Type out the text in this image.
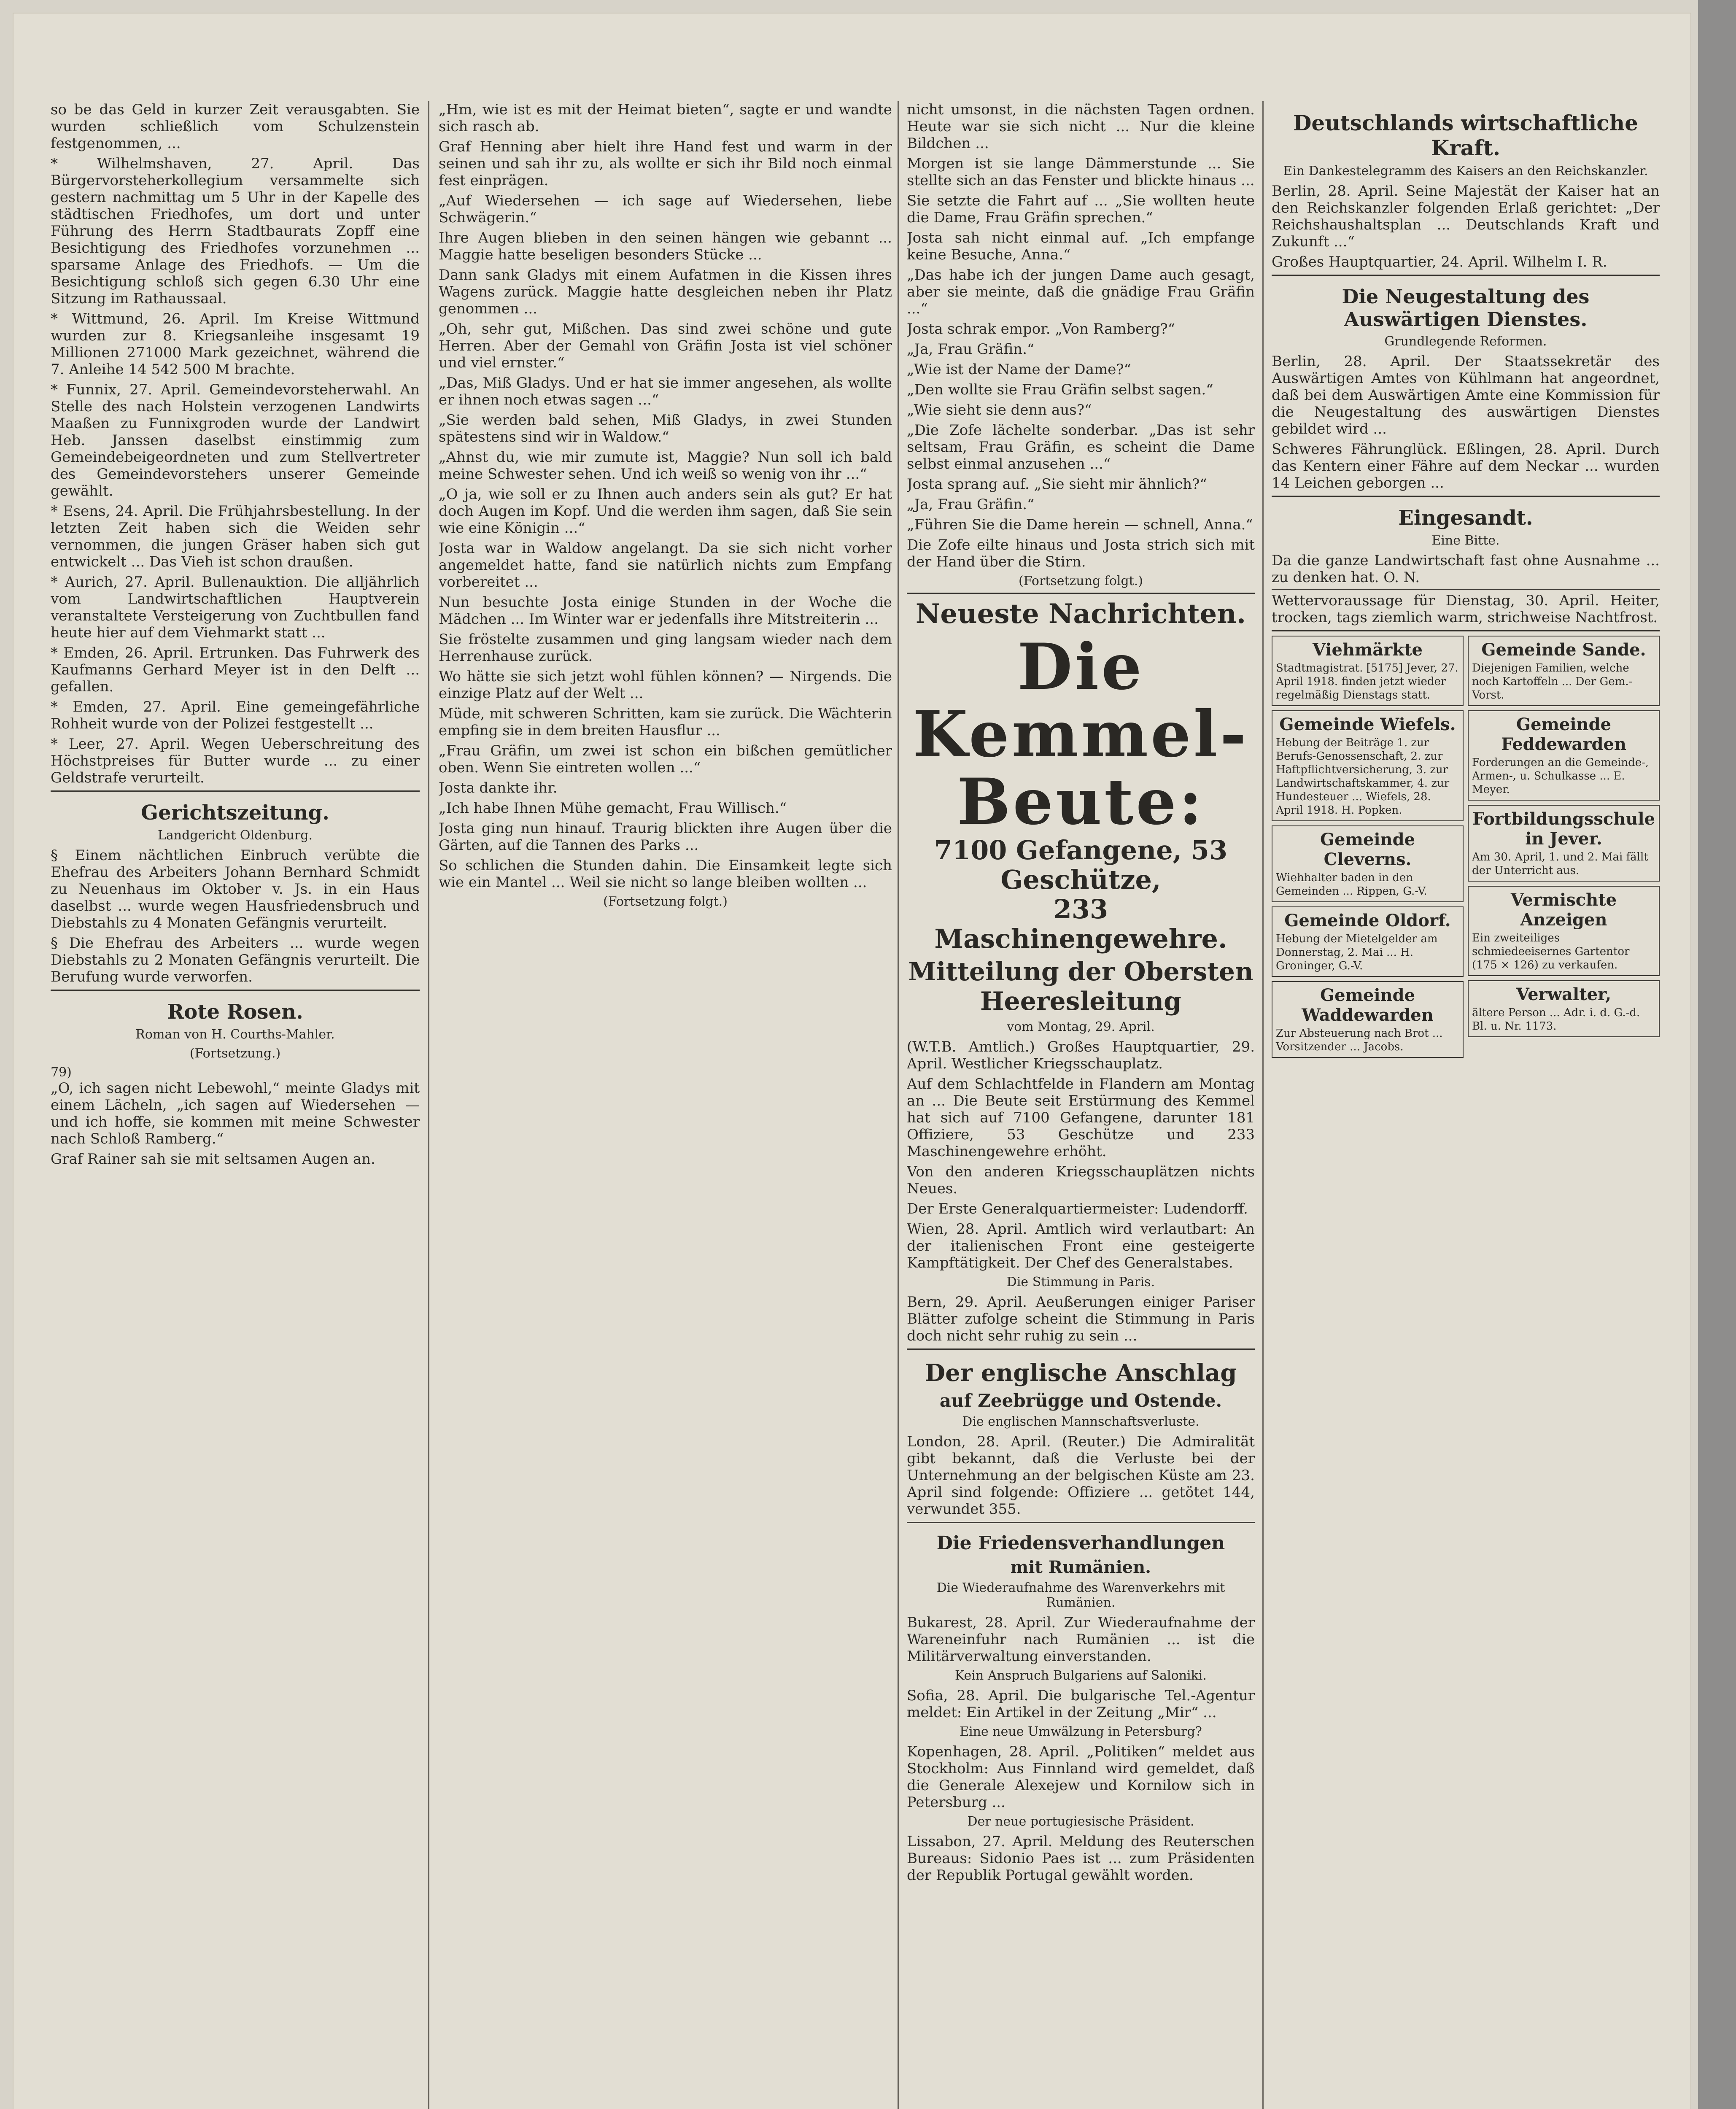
so be das Geld in kurzer Zeit verausgabten. Sie wurden schließlich vom Schulzenstein festgenommen, ...

* Wilhelmshaven, 27. April. Das Bürgervorsteherkollegium versammelte sich gestern nachmittag um 5 Uhr in der Kapelle des städtischen Friedhofes, um dort und unter Führung des Herrn Stadtbaurats Zopff eine Besichtigung des Friedhofes vorzunehmen ... sparsame Anlage des Friedhofs. — Um die Besichtigung schloß sich gegen 6.30 Uhr eine Sitzung im Rathaussaal.

* Wittmund, 26. April. Im Kreise Wittmund wurden zur 8. Kriegsanleihe insgesamt 19 Millionen 271000 Mark gezeichnet, während die 7. Anleihe 14 542 500 M brachte.

* Funnix, 27. April. Gemeindevorsteherwahl. An Stelle des nach Holstein verzogenen Landwirts Maaßen zu Funnixgroden wurde der Landwirt Heb. Janssen daselbst einstimmig zum Gemeindebeigeordneten und zum Stellvertreter des Gemeindevorstehers unserer Gemeinde gewählt.

* Esens, 24. April. Die Frühjahrsbestellung. In der letzten Zeit haben sich die Weiden sehr vernommen, die jungen Gräser haben sich gut entwickelt ... Das Vieh ist schon draußen.

* Aurich, 27. April. Bullenauktion. Die alljährlich vom Landwirtschaftlichen Hauptverein veranstaltete Versteigerung von Zuchtbullen fand heute hier auf dem Viehmarkt statt ...

* Emden, 26. April. Ertrunken. Das Fuhrwerk des Kaufmanns Gerhard Meyer ist in den Delft ... gefallen.

* Emden, 27. April. Eine gemeingefährliche Rohheit wurde von der Polizei festgestellt ...

* Leer, 27. April. Wegen Ueberschreitung des Höchstpreises für Butter wurde ... zu einer Geldstrafe verurteilt.

Gerichtszeitung.
Landgericht Oldenburg.

§ Einem nächtlichen Einbruch verübte die Ehefrau des Arbeiters Johann Bernhard Schmidt zu Neuenhaus im Oktober v. Js. in ein Haus daselbst ... wurde wegen Hausfriedensbruch und Diebstahls zu 4 Monaten Gefängnis verurteilt.

§ Die Ehefrau des Arbeiters ... wurde wegen Diebstahls zu 2 Monaten Gefängnis verurteilt. Die Berufung wurde verworfen.

Rote Rosen.
Roman von H. Courths-Mahler.
(Fortsetzung.)
79)

„O, ich sagen nicht Lebewohl,“ meinte Gladys mit einem Lächeln, „ich sagen auf Wiedersehen — und ich hoffe, sie kommen mit meine Schwester nach Schloß Ramberg.“

Graf Rainer sah sie mit seltsamen Augen an.

„Hm, wie ist es mit der Heimat bieten“, sagte er und wandte sich rasch ab.

Graf Henning aber hielt ihre Hand fest und warm in der seinen und sah ihr zu, als wollte er sich ihr Bild noch einmal fest einprägen.

„Auf Wiedersehen — ich sage auf Wiedersehen, liebe Schwägerin.“

Ihre Augen blieben in den seinen hängen wie gebannt ... Maggie hatte beseligen besonders Stücke ...

Dann sank Gladys mit einem Aufatmen in die Kissen ihres Wagens zurück. Maggie hatte desgleichen neben ihr Platz genommen ...

„Oh, sehr gut, Mißchen. Das sind zwei schöne und gute Herren. Aber der Gemahl von Gräfin Josta ist viel schöner und viel ernster.“

„Das, Miß Gladys. Und er hat sie immer angesehen, als wollte er ihnen noch etwas sagen ...“

„Sie werden bald sehen, Miß Gladys, in zwei Stunden spätestens sind wir in Waldow.“

„Ahnst du, wie mir zumute ist, Maggie? Nun soll ich bald meine Schwester sehen. Und ich weiß so wenig von ihr ...“

„O ja, wie soll er zu Ihnen auch anders sein als gut? Er hat doch Augen im Kopf. Und die werden ihm sagen, daß Sie sein wie eine Königin ...“

Josta war in Waldow angelangt. Da sie sich nicht vorher angemeldet hatte, fand sie natürlich nichts zum Empfang vorbereitet ...

Nun besuchte Josta einige Stunden in der Woche die Mädchen ... Im Winter war er jedenfalls ihre Mitstreiterin ...

Sie fröstelte zusammen und ging langsam wieder nach dem Herrenhause zurück.

Wo hätte sie sich jetzt wohl fühlen können? — Nirgends. Die einzige Platz auf der Welt ...

Müde, mit schweren Schritten, kam sie zurück. Die Wächterin empfing sie in dem breiten Hausflur ...

„Frau Gräfin, um zwei ist schon ein bißchen gemütlicher oben. Wenn Sie eintreten wollen ...“

Josta dankte ihr.

„Ich habe Ihnen Mühe gemacht, Frau Willisch.“

Josta ging nun hinauf. Traurig blickten ihre Augen über die Gärten, auf die Tannen des Parks ...

So schlichen die Stunden dahin. Die Einsamkeit legte sich wie ein Mantel ... Weil sie nicht so lange bleiben wollten ...

(Fortsetzung folgt.)

nicht umsonst, in die nächsten Tagen ordnen. Heute war sie sich nicht ... Nur die kleine Bildchen ...

Morgen ist sie lange Dämmerstunde ... Sie stellte sich an das Fenster und blickte hinaus ...

Sie setzte die Fahrt auf ... „Sie wollten heute die Dame, Frau Gräfin sprechen.“

Josta sah nicht einmal auf. „Ich empfange keine Besuche, Anna.“

„Das habe ich der jungen Dame auch gesagt, aber sie meinte, daß die gnädige Frau Gräfin ...“

Josta schrak empor. „Von Ramberg?“

„Ja, Frau Gräfin.“

„Wie ist der Name der Dame?“

„Den wollte sie Frau Gräfin selbst sagen.“

„Wie sieht sie denn aus?“

„Die Zofe lächelte sonderbar. „Das ist sehr seltsam, Frau Gräfin, es scheint die Dame selbst einmal anzusehen ...“

Josta sprang auf. „Sie sieht mir ähnlich?“

„Ja, Frau Gräfin.“

„Führen Sie die Dame herein — schnell, Anna.“

Die Zofe eilte hinaus und Josta strich sich mit der Hand über die Stirn.

(Fortsetzung folgt.)
Neueste Nachrichten.
Die Kemmel-Beute:
7100 Gefangene, 53 Geschütze,
233 Maschinengewehre.
Mitteilung der Obersten Heeresleitung
vom Montag, 29. April.

(W.T.B. Amtlich.) Großes Hauptquartier, 29. April. Westlicher Kriegsschauplatz.

Auf dem Schlachtfelde in Flandern am Montag an ... Die Beute seit Erstürmung des Kemmel hat sich auf 7100 Gefangene, darunter 181 Offiziere, 53 Geschütze und 233 Maschinengewehre erhöht.

Von den anderen Kriegsschauplätzen nichts Neues.

Der Erste Generalquartiermeister: Ludendorff.

Wien, 28. April. Amtlich wird verlautbart: An der italienischen Front eine gesteigerte Kampftätigkeit. Der Chef des Generalstabes.

Die Stimmung in Paris.

Bern, 29. April. Aeußerungen einiger Pariser Blätter zufolge scheint die Stimmung in Paris doch nicht sehr ruhig zu sein ...

Der englische Anschlag
auf Zeebrügge und Ostende.
Die englischen Mannschaftsverluste.

London, 28. April. (Reuter.) Die Admiralität gibt bekannt, daß die Verluste bei der Unternehmung an der belgischen Küste am 23. April sind folgende: Offiziere ... getötet 144, verwundet 355.

Die Friedensverhandlungen
mit Rumänien.
Die Wiederaufnahme des Warenverkehrs mit Rumänien.

Bukarest, 28. April. Zur Wiederaufnahme der Wareneinfuhr nach Rumänien ... ist die Militärverwaltung einverstanden.

Kein Anspruch Bulgariens auf Saloniki.

Sofia, 28. April. Die bulgarische Tel.-Agentur meldet: Ein Artikel in der Zeitung „Mir“ ...

Eine neue Umwälzung in Petersburg?

Kopenhagen, 28. April. „Politiken“ meldet aus Stockholm: Aus Finnland wird gemeldet, daß die Generale Alexejew und Kornilow sich in Petersburg ...

Der neue portugiesische Präsident.

Lissabon, 27. April. Meldung des Reuterschen Bureaus: Sidonio Paes ist ... zum Präsidenten der Republik Portugal gewählt worden.

Deutschlands wirtschaftliche Kraft.
Ein Dankestelegramm des Kaisers an den Reichskanzler.

Berlin, 28. April. Seine Majestät der Kaiser hat an den Reichskanzler folgenden Erlaß gerichtet: „Der Reichshaushaltsplan ... Deutschlands Kraft und Zukunft ...“

Großes Hauptquartier, 24. April. Wilhelm I. R.

Die Neugestaltung des Auswärtigen Dienstes.
Grundlegende Reformen.

Berlin, 28. April. Der Staatssekretär des Auswärtigen Amtes von Kühlmann hat angeordnet, daß bei dem Auswärtigen Amte eine Kommission für die Neugestaltung des auswärtigen Dienstes gebildet wird ...

Schweres Fährunglück. Eßlingen, 28. April. Durch das Kentern einer Fähre auf dem Neckar ... wurden 14 Leichen geborgen ...

Eingesandt.
Eine Bitte.

Da die ganze Landwirtschaft fast ohne Ausnahme ... zu denken hat. O. N.

Wettervoraussage für Dienstag, 30. April. Heiter, trocken, tags ziemlich warm, strichweise Nachtfrost.

Viehmärkte
Stadtmagistrat. [5175] Jever, 27. April 1918. finden jetzt wieder regelmäßig Dienstags statt.
Gemeinde Wiefels.
Hebung der Beiträge 1. zur Berufs-Genossenschaft, 2. zur Haftpflichtversicherung, 3. zur Landwirtschaftskammer, 4. zur Hundesteuer ... Wiefels, 28. April 1918. H. Popken.
Gemeinde Cleverns.
Wiehhalter baden in den Gemeinden ... Rippen, G.-V.
Gemeinde Oldorf.
Hebung der Mietelgelder am Donnerstag, 2. Mai ... H. Groninger, G.-V.
Gemeinde Waddewarden
Zur Absteuerung nach Brot ... Vorsitzender ... Jacobs.
Gemeinde Sande.
Diejenigen Familien, welche noch Kartoffeln ... Der Gem.-Vorst.
Gemeinde Feddewarden
Forderungen an die Gemeinde-, Armen-, u. Schulkasse ... E. Meyer.
Fortbildungsschule in Jever.
Am 30. April, 1. und 2. Mai fällt der Unterricht aus.
Vermischte Anzeigen
Ein zweiteiliges schmiedeeisernes Gartentor (175 × 126) zu verkaufen.
Verwalter,
ältere Person ... Adr. i. d. G.-d. Bl. u. Nr. 1173.
